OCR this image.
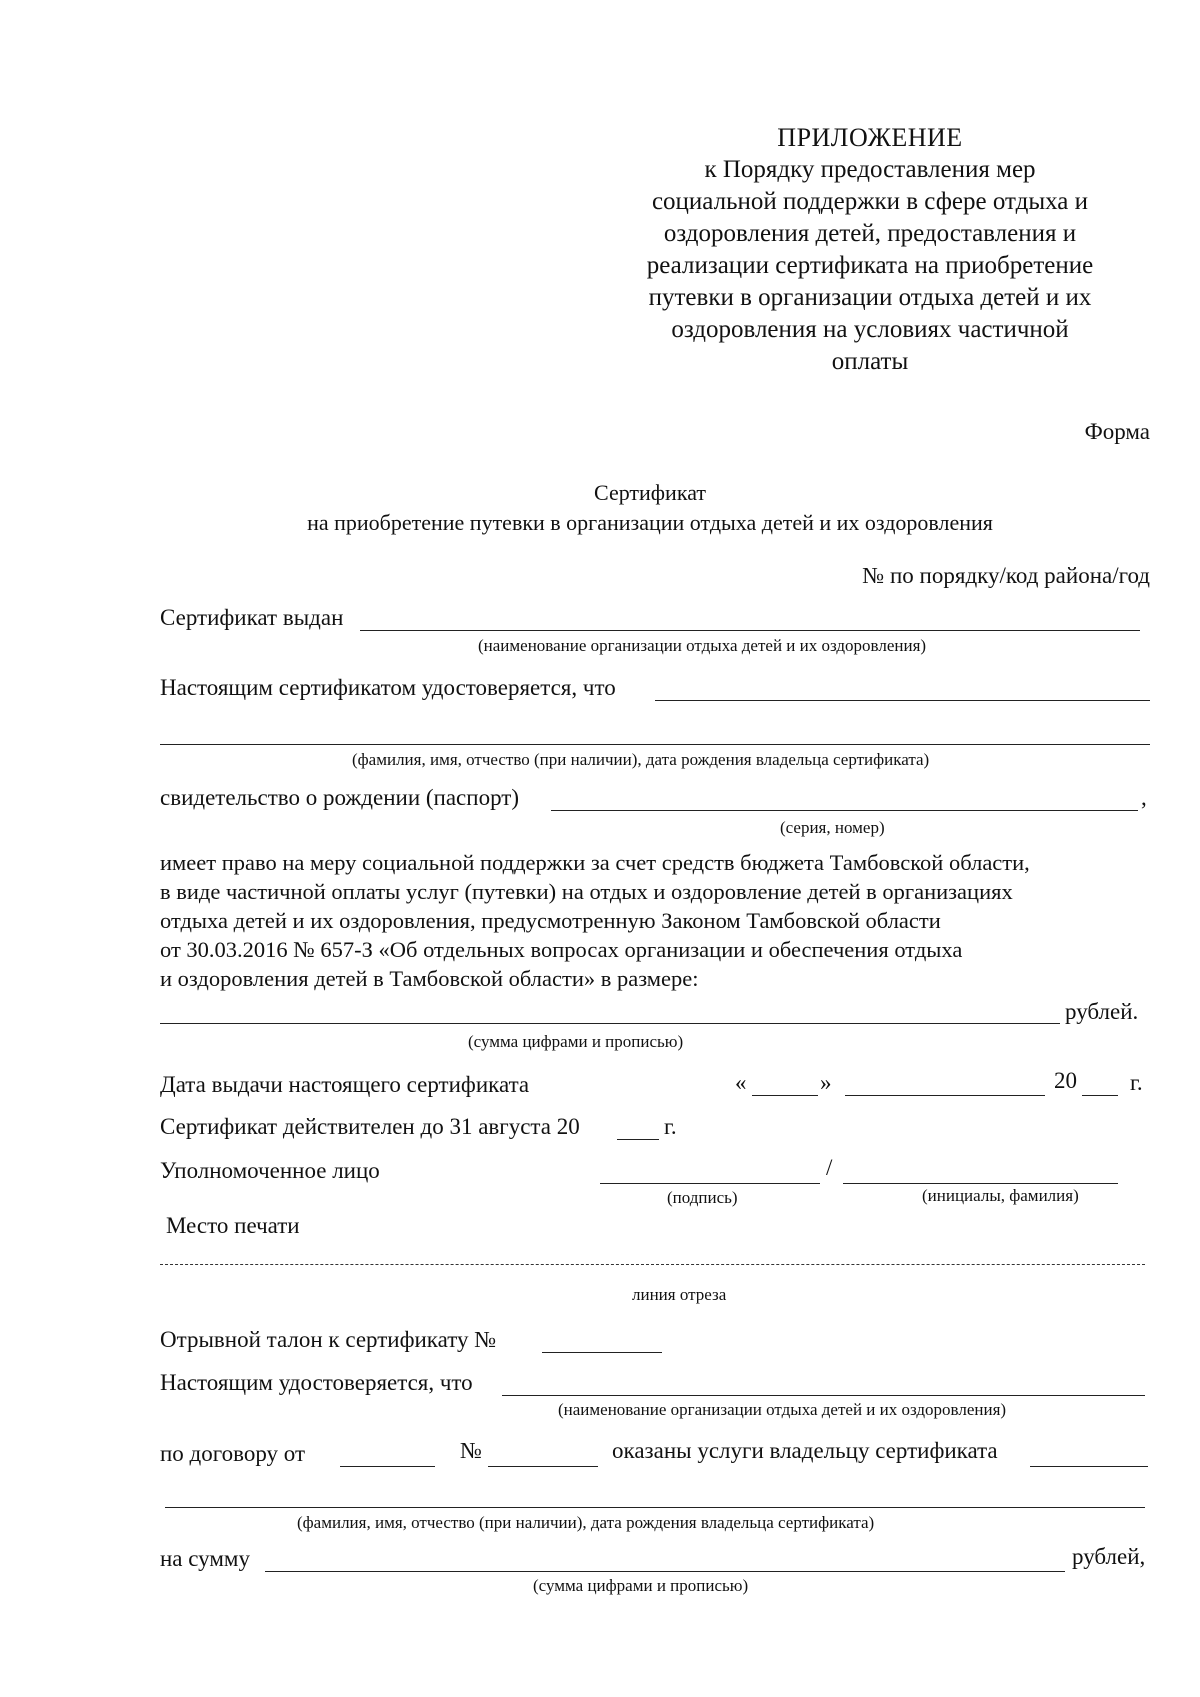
ПРИЛОЖЕНИЕ
к Порядку предоставления мер
социальной поддержки в сфере отдыха и
оздоровления детей, предоставления и
реализации сертификата на приобретение
путевки в организации отдыха детей и их
оздоровления на условиях частичной
оплаты
Форма
Сертификат
на приобретение путевки в организации отдыха детей и их оздоровления
№ по порядку/код района/год
Сертификат выдан
(наименование организации отдыха детей и их оздоровления)
Настоящим сертификатом удостоверяется, что
(фамилия, имя, отчество (при наличии), дата рождения владельца сертификата)
свидетельство о рождении (паспорт)	,
(серия, номер)
имеет право на меру социальной поддержки за счет средств бюджета Тамбовской области,
в виде частичной оплаты услуг (путевки) на отдых и оздоровление детей в организациях
отдыха детей и их оздоровления, предусмотренную Законом Тамбовской области
от 30.03.2016 № 657-З «Об отдельных вопросах организации и обеспечения отдыха
и оздоровления детей в Тамбовской области» в размере:
рублей.
(сумма цифрами и прописью)
Дата выдачи настоящего сертификата	«	»	20 г.
Сертификат действителен до 31 августа 20	г.
Уполномоченное лицо	/
(подпись)	(инициалы, фамилия)
Место печати
линия отреза
Отрывной талон к сертификату №
Настоящим удостоверяется, что
(наименование организации отдыха детей и их оздоровления)
по договору от	№	оказаны услуги владельцу сертификата
(фамилия, имя, отчество (при наличии), дата рождения владельца сертификата)
на сумму	рублей,
(сумма цифрами и прописью)
